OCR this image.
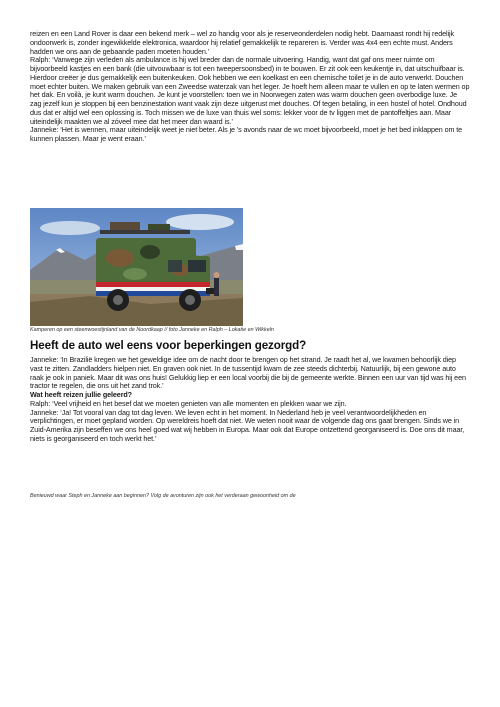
reizen en een Land Rover is daar een bekend merk – wel zo handig voor als je reserveonderdelen nodig hebt. Daarnaast rondt hij redelijk ondoorwerk is, zonder ingewikkelde elektronica, waardoor hij relatief gemakkelijk te repareren is. Verder was 4x4 een echte must. Anders hadden we ons aan de gebaande paden moeten houden.’

Ralph: ‘Vanwege zijn verleden als ambulance is hij wel breder dan de normale uitvoering. Handig, want dat gaf ons meer ruimte om bijvoorbeeld kastjes en een bank (die uitvouwbaar is tot een tweepersoonsbed) in te bouwen. Er zit ook een keukentje in, dat uitschuifbaar is. Hierdoor creëer je dus gemakkelijk een buitenkeuken. Ook hebben we een koelkast en een chemische toilet je in de auto verwerkt. Douchen moet echter buiten. We maken gebruik van een Zweedse waterzak van het leger. Je hoeft hem alleen maar te vullen en op te laten wermen op het dak. En voilà, je kunt warm douchen. Je kunt je voorstellen: toen we in Noorwegen zaten was warm douchen geen overbodige luxe. Je zag jezelf kun je stoppen bij een benzinestation want vaak zijn deze uitgerust met douches. Of tegen betaling, in een hostel of hotel. Ondhoud dus dat er altijd wel een oplossing is. Toch missen we de luxe van thuis wel soms: lekker voor de tv liggen met de pantoffeltjes aan. Maar uiteindelijk maakten we al zóveel mee dat het meer dan waard is.’

Janneke: ‘Het is wennen, maar uiteindelijk weet je niet beter. Als je ’s avonds naar de wc moet bijvoorbeeld, moet je het bed inklappen om te kunnen plassen. Maar je went eraan.’

Kamperen op een steenwoestijnland van de Noordkaap // foto Janneke en Ralph – Lokatie en Wikkeln
Heeft de auto wel eens voor beperkingen gezorgd?

Janneke: ‘In Brazilië kregen we het geweldige idee om de nacht door te brengen op het strand. Je raadt het al, we kwamen behoorlijk diep vast te zitten. Zandladders hielpen niet. En graven ook niet. In de tussentijd kwam de zee steeds dichterbij. Natuurlijk, bij een gewone auto raak je ook in paniek. Maar dit was ons huis! Gelukkig liep er een local voorbij die bij de gemeente werkte. Binnen een uur van tijd was hij een tractor te regelen, die ons uit het zand trok.’

Wat heeft reizen jullie geleerd?

Ralph: ‘Veel vrijheid en het besef dat we moeten genieten van alle momenten en plekken waar we zijn.

Janneke: ‘Ja! Tot vooral van dag tot dag leven. We leven echt in het moment. In Nederland heb je veel verantwoordelijkheden en verplichtingen, er moet gepland worden. Op wereldreis hoeft dat niet. We weten nooit waar de volgende dag ons gaat brengen. Sinds we in Zuid-Amerika zijn beseffen we ons heel goed wat wij hebben in Europa. Maar ook dat Europe ontzettend georganiseerd is. Doe ons dit maar, niets is georganiseerd en toch werkt het.’

Benieuwd waar Steph en Janneke aan beginnen? Volg de avonturen zijn ook het verderaan gewoonheid om de
